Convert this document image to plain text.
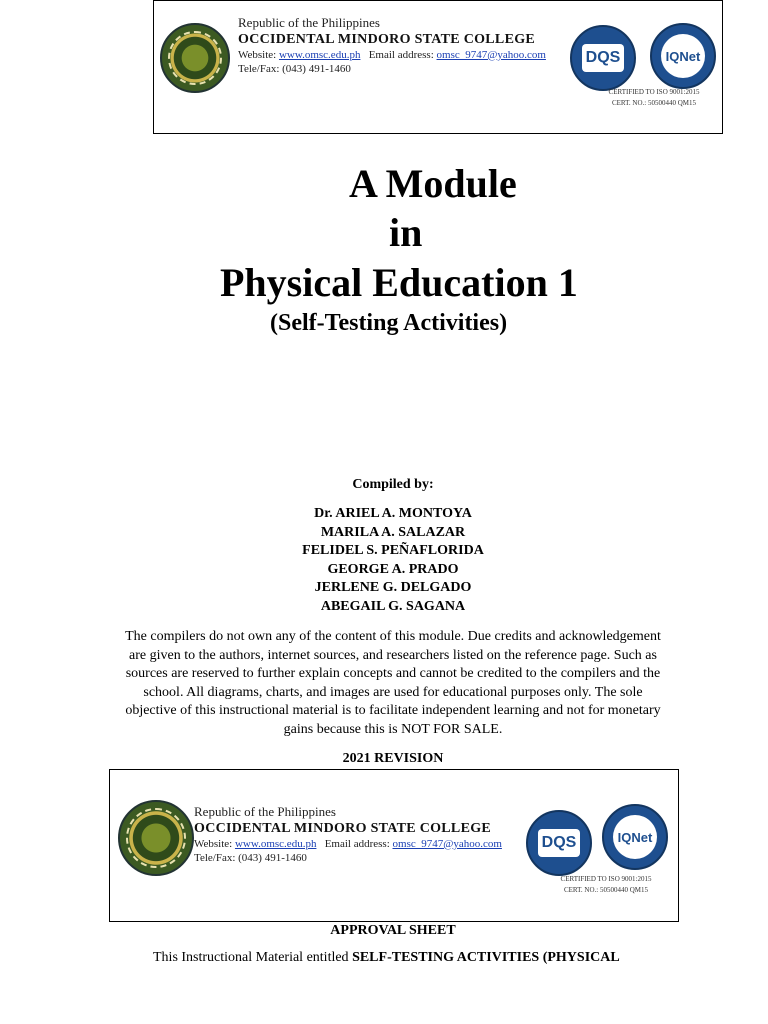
Republic of the Philippines
OCCIDENTAL MINDORO STATE COLLEGE
Website: www.omsc.edu.ph Email address: omsc_9747@yahoo.com
Tele/Fax: (043) 491-1460
DQS	IQNet
CERTIFIED TO ISO 9001:2015
CERT. NO.: 50500440 QM15
A Module
in
Physical Education 1
(Self-Testing Activities)
Compiled by:
Dr. ARIEL A. MONTOYA
MARILA A. SALAZAR
FELIDEL S. PEÑAFLORIDA
GEORGE A. PRADO
JERLENE G. DELGADO
ABEGAIL G. SAGANA
The compilers do not own any of the content of this module. Due credits and acknowledgement are given to the authors, internet sources, and researchers listed on the reference page. Such as sources are reserved to further explain concepts and cannot be credited to the compilers and the school. All diagrams, charts, and images are used for educational purposes only. The sole objective of this instructional material is to facilitate independent learning and not for monetary gains because this is NOT FOR SALE.
2021 REVISION
Republic of the Philippines
OCCIDENTAL MINDORO STATE COLLEGE
Website: www.omsc.edu.ph Email address: omsc_9747@yahoo.com
Tele/Fax: (043) 491-1460
DQS	IQNet
CERTIFIED TO ISO 9001:2015
CERT. NO.: 50500440 QM15
APPROVAL SHEET
This Instructional Material entitled SELF-TESTING ACTIVITIES (PHYSICAL
